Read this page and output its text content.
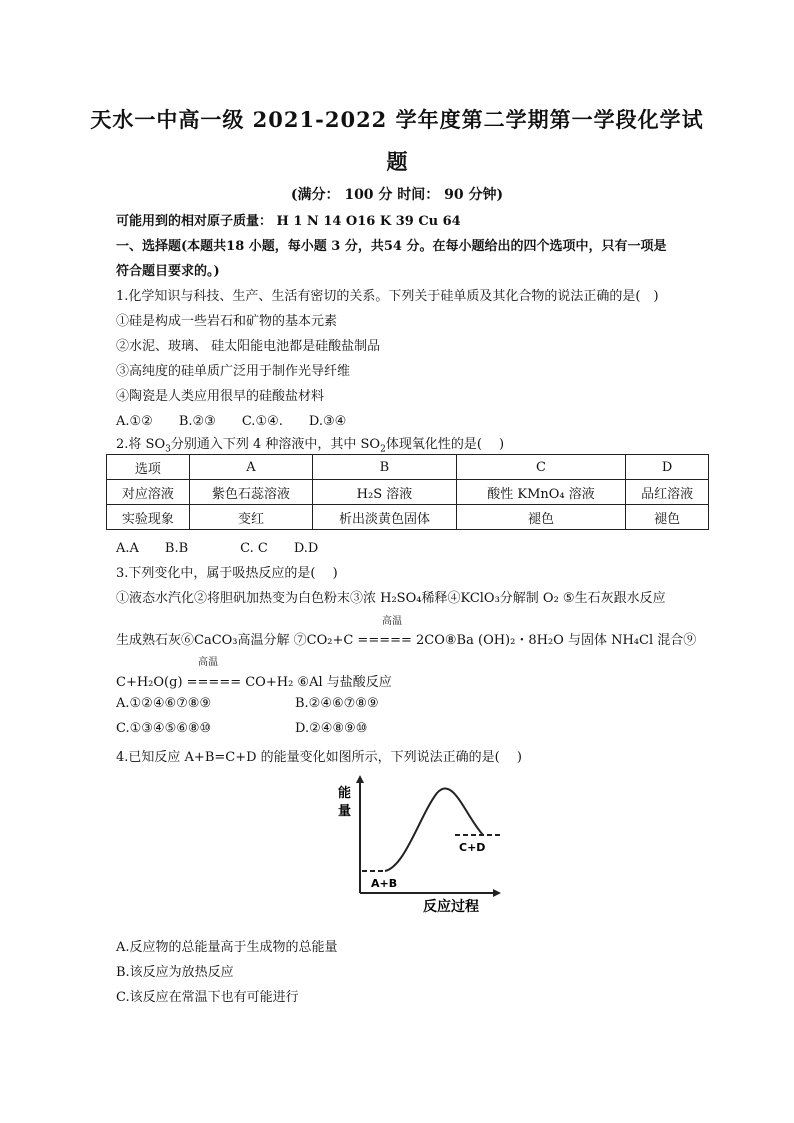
天水一中高一级 2021-2022 学年度第二学期第一学段化学试
题
(满分： 100 分 时间： 90 分钟)
可能用到的相对原子质量： H 1 N 14 O16 K 39 Cu 64
一、选择题(本题共18 小题，每小题 3 分，共54 分。在每小题给出的四个选项中，只有一项是
符合题目要求的。)
1.化学知识与科技、生产、生活有密切的关系。下列关于硅单质及其化合物的说法正确的是(　)
①硅是构成一些岩石和矿物的基本元素
②水泥、玻璃、 硅太阳能电池都是硅酸盐制品
③高纯度的硅单质广泛用于制作光导纤维
④陶瓷是人类应用很早的硅酸盐材料
A.①②　　B.②③　　C.①④.　　D.③④
2.将 $SO_3$分别通入下列 4 种溶液中，其中 $SO_2$体现氧化性的是(　 )
选项	A	B	C	D
对应溶液	紫色石蕊溶液	H₂S 溶液	酸性 KMnO₄ 溶液	品红溶液
实验现象	变红	析出淡黄色固体	褪色	褪色
A.A　　B.B　　　　C. C　　D.D
3.下列变化中，属于吸热反应的是(　 )
①液态水汽化②将胆矾加热变为白色粉末③浓 H₂SO₄稀释④KClO₃分解制 O₂ ⑤生石灰跟水反应
高温
生成熟石灰⑥CaCO₃高温分解 ⑦CO₂+C ===== 2CO⑧Ba (OH)₂・8H₂O 与固体 NH₄Cl 混合⑨
高温
C+H₂O(g) ===== CO+H₂ ⑥Al 与盐酸反应
A.①②④⑥⑦⑧⑨	B.②④⑥⑦⑧⑨
C.①③④⑤⑥⑧⑩	D.②④⑧⑨⑩
4.已知反应 A+B=C+D 的能量变化如图所示，下列说法正确的是(　 )
能
量
A+B
C+D
反应过程
A.反应物的总能量高于生成物的总能量
B.该反应为放热反应
C.该反应在常温下也有可能进行
